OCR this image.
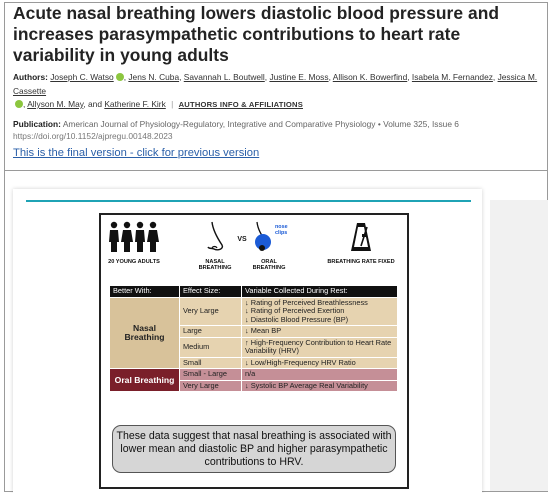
Acute nasal breathing lowers diastolic blood pressure and increases parasympathetic contributions to heart rate variability in young adults
Authors: Joseph C. Watso , Jens N. Cuba, Savannah L. Boutwell, Justine E. Moss, Allison K. Bowerfind, Isabela M. Fernandez, Jessica M. Cassette
, Allyson M. May, and Katherine F. Kirk | AUTHORS INFO & AFFILIATIONS
Publication: American Journal of Physiology-Regulatory, Integrative and Comparative Physiology • Volume 325, Issue 6
https://doi.org/10.1152/ajpregu.00148.2023
This is the final version - click for previous version
20 YOUNG ADULTS	NASAL BREATHING
VS
nose clips
ORAL BREATHING
BREATHING RATE FIXED
Better With:	Effect Size:	Variable Collected During Rest:
Nasal Breathing	Very Large	↓ Rating of Perceived Breathlessness
↓ Rating of Perceived Exertion
↓ Diastolic Blood Pressure (BP)

	Large	↓ Mean BP
	Medium	↑ High-Frequency Contribution to Heart Rate Variability (HRV)
	Small	↓ Low/High-Frequency HRV Ratio
Oral Breathing	Small - Large	n/a
	Very Large	↓ Systolic BP Average Real Variability
These data suggest that nasal breathing is associated with lower mean and diastolic BP and higher parasympathetic contributions to HRV.
